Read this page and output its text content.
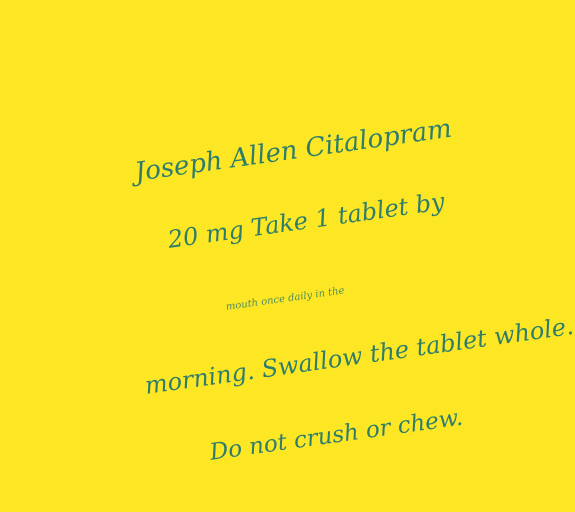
Joseph Allen Citalopram
20 mg Take 1 tablet by
mouth once daily in the
morning. Swallow the tablet whole.
Do not crush or chew.
